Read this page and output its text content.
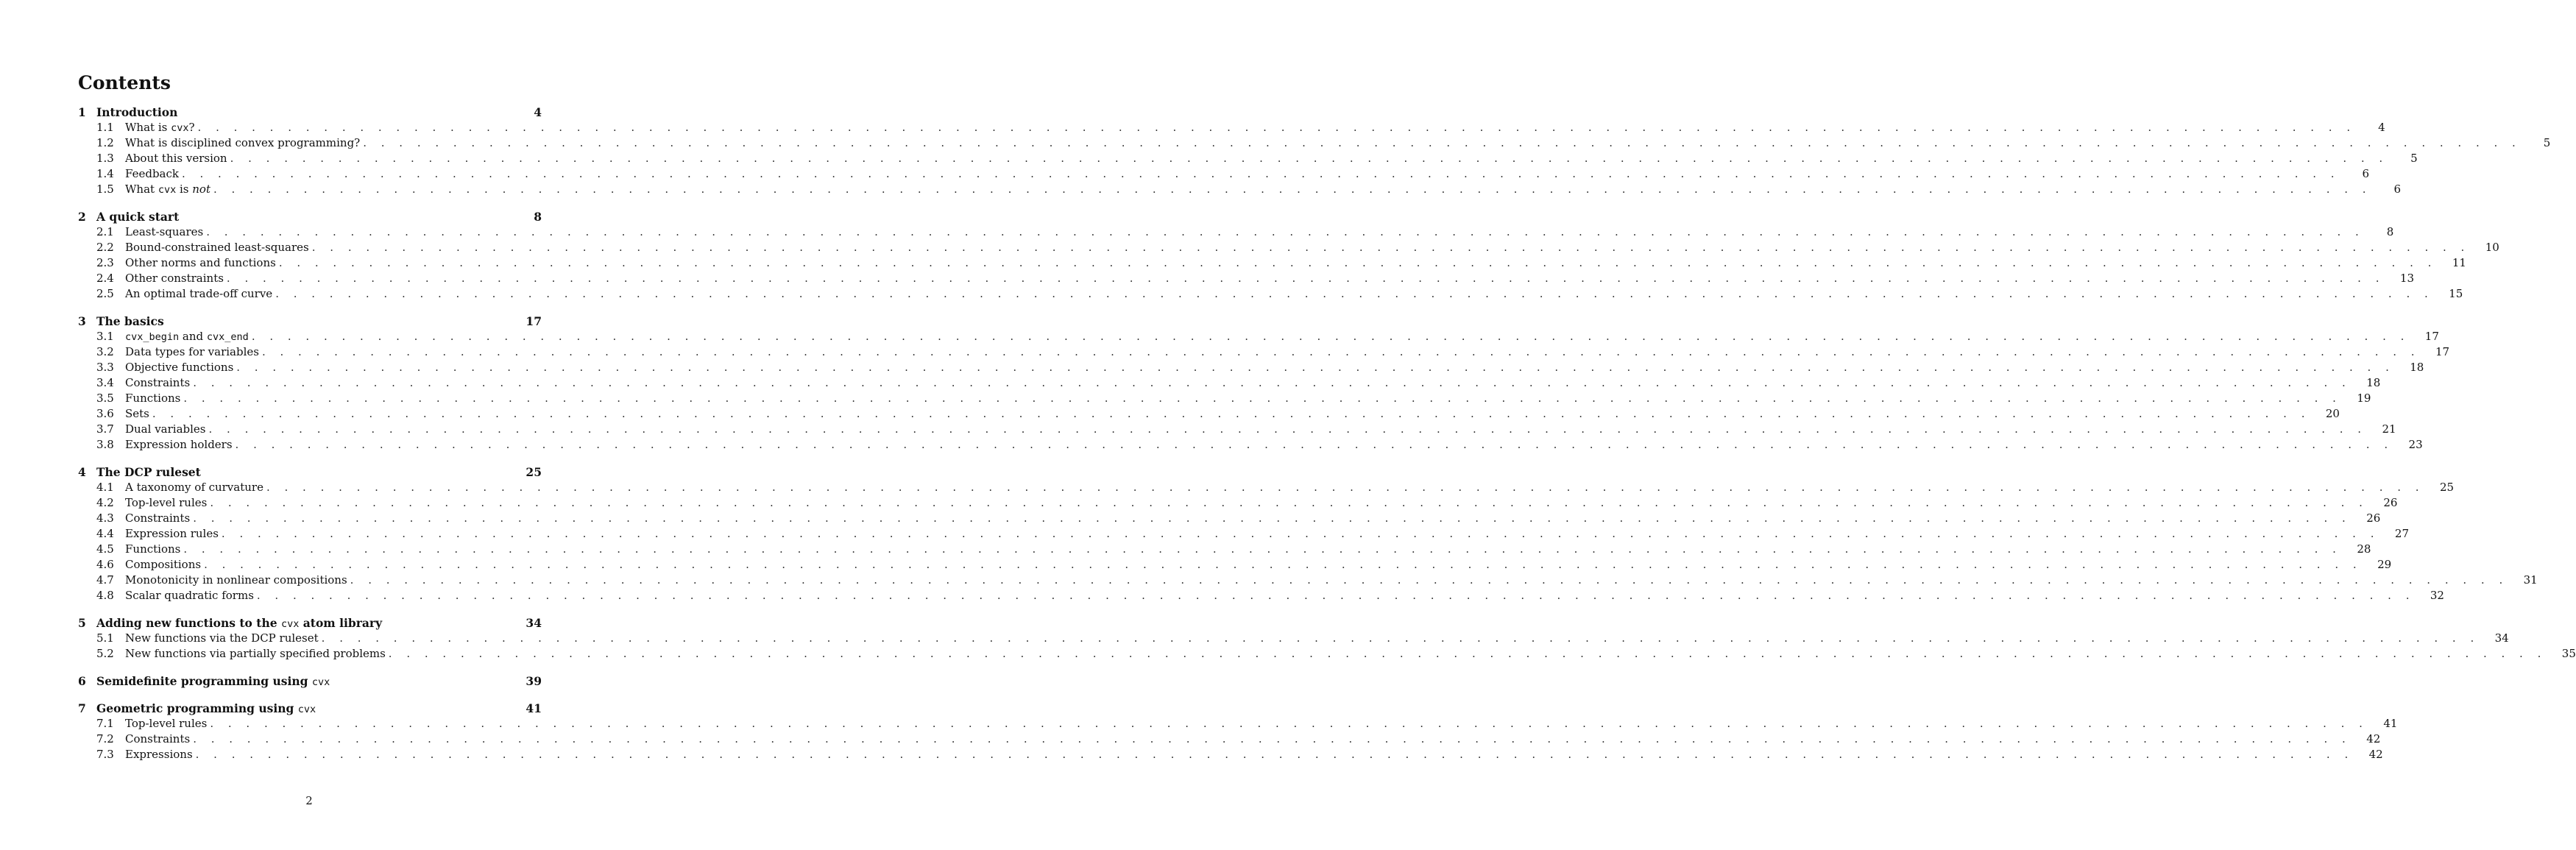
Contents
1 Introduction	4
1.1	What is cvx? . . . . . . . . . . . . . . . . . . . . . . . . . . . . . . . . . . . . . . . . . . . . . . . . . . . . . . . . . . . . . . . . . . . . . . . . . . . . . . . . . . . . . . . . . . . . . . . . . . . . . . . . . . . . . . . . . . . . . . . .	4
1.2	What is disciplined convex programming? . . . . . . . . . . . . . . . . . . . . . . . . . . . . . . . . . . . . . . . . . . . . . . . . . . . . . . . . . . . . . . . . . . . . . . . . . . . . . . . . . . . . . . . . . . . . . . . . . . . . . . . . . . . . . . . . . . . . . . . .	5
1.3	About this version . . . . . . . . . . . . . . . . . . . . . . . . . . . . . . . . . . . . . . . . . . . . . . . . . . . . . . . . . . . . . . . . . . . . . . . . . . . . . . . . . . . . . . . . . . . . . . . . . . . . . . . . . . . . . . . . . . . . . . . .	5
1.4	Feedback . . . . . . . . . . . . . . . . . . . . . . . . . . . . . . . . . . . . . . . . . . . . . . . . . . . . . . . . . . . . . . . . . . . . . . . . . . . . . . . . . . . . . . . . . . . . . . . . . . . . . . . . . . . . . . . . . . . . . . . .	6
1.5	What cvx is not . . . . . . . . . . . . . . . . . . . . . . . . . . . . . . . . . . . . . . . . . . . . . . . . . . . . . . . . . . . . . . . . . . . . . . . . . . . . . . . . . . . . . . . . . . . . . . . . . . . . . . . . . . . . . . . . . . . . . . . .	6
2 A quick start	8
2.1	Least-squares . . . . . . . . . . . . . . . . . . . . . . . . . . . . . . . . . . . . . . . . . . . . . . . . . . . . . . . . . . . . . . . . . . . . . . . . . . . . . . . . . . . . . . . . . . . . . . . . . . . . . . . . . . . . . . . . . . . . . . . .	8
2.2	Bound-constrained least-squares . . . . . . . . . . . . . . . . . . . . . . . . . . . . . . . . . . . . . . . . . . . . . . . . . . . . . . . . . . . . . . . . . . . . . . . . . . . . . . . . . . . . . . . . . . . . . . . . . . . . . . . . . . . . . . . . . . . . . . . .	10
2.3	Other norms and functions . . . . . . . . . . . . . . . . . . . . . . . . . . . . . . . . . . . . . . . . . . . . . . . . . . . . . . . . . . . . . . . . . . . . . . . . . . . . . . . . . . . . . . . . . . . . . . . . . . . . . . . . . . . . . . . . . . . . . . . .	11
2.4	Other constraints . . . . . . . . . . . . . . . . . . . . . . . . . . . . . . . . . . . . . . . . . . . . . . . . . . . . . . . . . . . . . . . . . . . . . . . . . . . . . . . . . . . . . . . . . . . . . . . . . . . . . . . . . . . . . . . . . . . . . . . .	13
2.5	An optimal trade-off curve . . . . . . . . . . . . . . . . . . . . . . . . . . . . . . . . . . . . . . . . . . . . . . . . . . . . . . . . . . . . . . . . . . . . . . . . . . . . . . . . . . . . . . . . . . . . . . . . . . . . . . . . . . . . . . . . . . . . . . . .	15
3 The basics	17
3.1	cvx_begin and cvx_end . . . . . . . . . . . . . . . . . . . . . . . . . . . . . . . . . . . . . . . . . . . . . . . . . . . . . . . . . . . . . . . . . . . . . . . . . . . . . . . . . . . . . . . . . . . . . . . . . . . . . . . . . . . . . . . . . . . . . . . .	17
3.2	Data types for variables . . . . . . . . . . . . . . . . . . . . . . . . . . . . . . . . . . . . . . . . . . . . . . . . . . . . . . . . . . . . . . . . . . . . . . . . . . . . . . . . . . . . . . . . . . . . . . . . . . . . . . . . . . . . . . . . . . . . . . . .	17
3.3	Objective functions . . . . . . . . . . . . . . . . . . . . . . . . . . . . . . . . . . . . . . . . . . . . . . . . . . . . . . . . . . . . . . . . . . . . . . . . . . . . . . . . . . . . . . . . . . . . . . . . . . . . . . . . . . . . . . . . . . . . . . . .	18
3.4	Constraints . . . . . . . . . . . . . . . . . . . . . . . . . . . . . . . . . . . . . . . . . . . . . . . . . . . . . . . . . . . . . . . . . . . . . . . . . . . . . . . . . . . . . . . . . . . . . . . . . . . . . . . . . . . . . . . . . . . . . . . .	18
3.5	Functions . . . . . . . . . . . . . . . . . . . . . . . . . . . . . . . . . . . . . . . . . . . . . . . . . . . . . . . . . . . . . . . . . . . . . . . . . . . . . . . . . . . . . . . . . . . . . . . . . . . . . . . . . . . . . . . . . . . . . . . .	19
3.6	Sets . . . . . . . . . . . . . . . . . . . . . . . . . . . . . . . . . . . . . . . . . . . . . . . . . . . . . . . . . . . . . . . . . . . . . . . . . . . . . . . . . . . . . . . . . . . . . . . . . . . . . . . . . . . . . . . . . . . . . . . .	20
3.7	Dual variables . . . . . . . . . . . . . . . . . . . . . . . . . . . . . . . . . . . . . . . . . . . . . . . . . . . . . . . . . . . . . . . . . . . . . . . . . . . . . . . . . . . . . . . . . . . . . . . . . . . . . . . . . . . . . . . . . . . . . . . .	21
3.8	Expression holders . . . . . . . . . . . . . . . . . . . . . . . . . . . . . . . . . . . . . . . . . . . . . . . . . . . . . . . . . . . . . . . . . . . . . . . . . . . . . . . . . . . . . . . . . . . . . . . . . . . . . . . . . . . . . . . . . . . . . . . .	23
4 The DCP ruleset	25
4.1	A taxonomy of curvature . . . . . . . . . . . . . . . . . . . . . . . . . . . . . . . . . . . . . . . . . . . . . . . . . . . . . . . . . . . . . . . . . . . . . . . . . . . . . . . . . . . . . . . . . . . . . . . . . . . . . . . . . . . . . . . . . . . . . . . .	25
4.2	Top-level rules . . . . . . . . . . . . . . . . . . . . . . . . . . . . . . . . . . . . . . . . . . . . . . . . . . . . . . . . . . . . . . . . . . . . . . . . . . . . . . . . . . . . . . . . . . . . . . . . . . . . . . . . . . . . . . . . . . . . . . . .	26
4.3	Constraints . . . . . . . . . . . . . . . . . . . . . . . . . . . . . . . . . . . . . . . . . . . . . . . . . . . . . . . . . . . . . . . . . . . . . . . . . . . . . . . . . . . . . . . . . . . . . . . . . . . . . . . . . . . . . . . . . . . . . . . .	26
4.4	Expression rules . . . . . . . . . . . . . . . . . . . . . . . . . . . . . . . . . . . . . . . . . . . . . . . . . . . . . . . . . . . . . . . . . . . . . . . . . . . . . . . . . . . . . . . . . . . . . . . . . . . . . . . . . . . . . . . . . . . . . . . .	27
4.5	Functions . . . . . . . . . . . . . . . . . . . . . . . . . . . . . . . . . . . . . . . . . . . . . . . . . . . . . . . . . . . . . . . . . . . . . . . . . . . . . . . . . . . . . . . . . . . . . . . . . . . . . . . . . . . . . . . . . . . . . . . .	28
4.6	Compositions . . . . . . . . . . . . . . . . . . . . . . . . . . . . . . . . . . . . . . . . . . . . . . . . . . . . . . . . . . . . . . . . . . . . . . . . . . . . . . . . . . . . . . . . . . . . . . . . . . . . . . . . . . . . . . . . . . . . . . . .	29
4.7	Monotonicity in nonlinear compositions . . . . . . . . . . . . . . . . . . . . . . . . . . . . . . . . . . . . . . . . . . . . . . . . . . . . . . . . . . . . . . . . . . . . . . . . . . . . . . . . . . . . . . . . . . . . . . . . . . . . . . . . . . . . . . . . . . . . . . . .	31
4.8	Scalar quadratic forms . . . . . . . . . . . . . . . . . . . . . . . . . . . . . . . . . . . . . . . . . . . . . . . . . . . . . . . . . . . . . . . . . . . . . . . . . . . . . . . . . . . . . . . . . . . . . . . . . . . . . . . . . . . . . . . . . . . . . . . .	32
5 Adding new functions to the cvx atom library	34
5.1	New functions via the DCP ruleset . . . . . . . . . . . . . . . . . . . . . . . . . . . . . . . . . . . . . . . . . . . . . . . . . . . . . . . . . . . . . . . . . . . . . . . . . . . . . . . . . . . . . . . . . . . . . . . . . . . . . . . . . . . . . . . . . . . . . . . .	34
5.2	New functions via partially specified problems . . . . . . . . . . . . . . . . . . . . . . . . . . . . . . . . . . . . . . . . . . . . . . . . . . . . . . . . . . . . . . . . . . . . . . . . . . . . . . . . . . . . . . . . . . . . . . . . . . . . . . . . . . . . . . . . . . . . . . . .	35
6 Semidefinite programming using cvx	39
7 Geometric programming using cvx	41
7.1	Top-level rules . . . . . . . . . . . . . . . . . . . . . . . . . . . . . . . . . . . . . . . . . . . . . . . . . . . . . . . . . . . . . . . . . . . . . . . . . . . . . . . . . . . . . . . . . . . . . . . . . . . . . . . . . . . . . . . . . . . . . . . .	41
7.2	Constraints . . . . . . . . . . . . . . . . . . . . . . . . . . . . . . . . . . . . . . . . . . . . . . . . . . . . . . . . . . . . . . . . . . . . . . . . . . . . . . . . . . . . . . . . . . . . . . . . . . . . . . . . . . . . . . . . . . . . . . . .	42
7.3	Expressions . . . . . . . . . . . . . . . . . . . . . . . . . . . . . . . . . . . . . . . . . . . . . . . . . . . . . . . . . . . . . . . . . . . . . . . . . . . . . . . . . . . . . . . . . . . . . . . . . . . . . . . . . . . . . . . . . . . . . . . .	42
2
